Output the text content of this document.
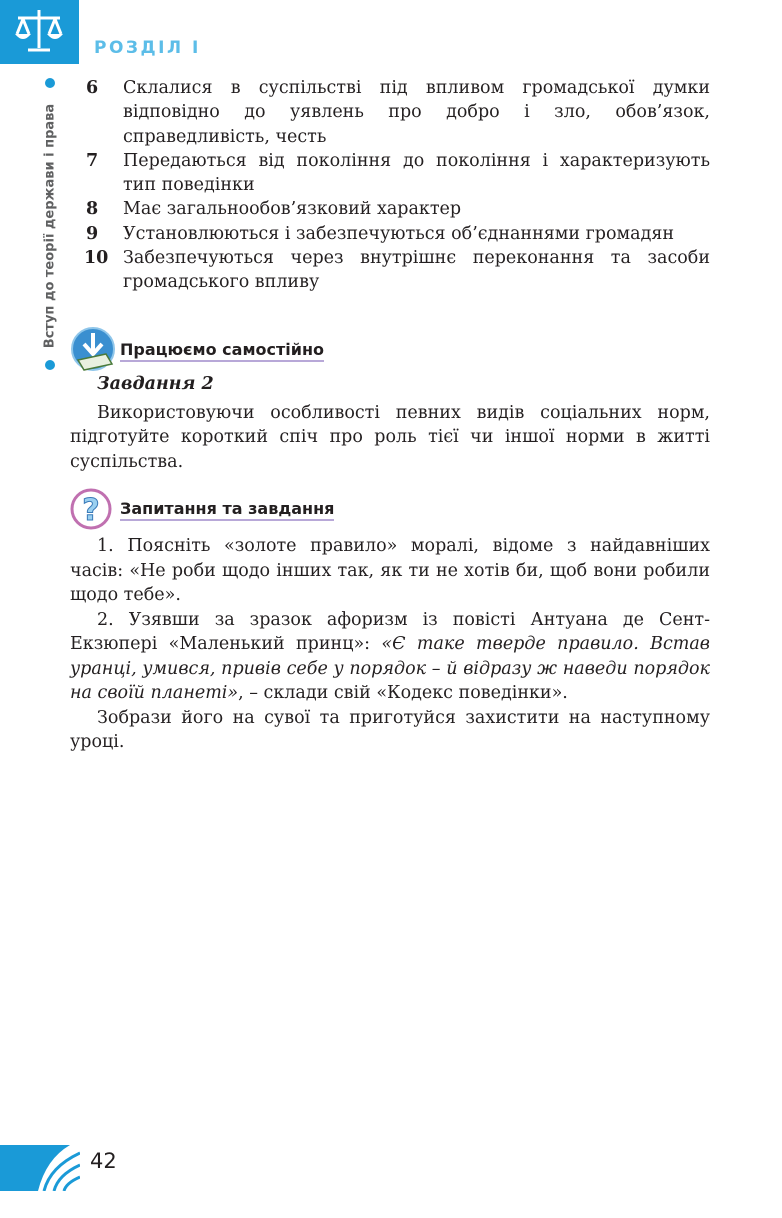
РОЗДІЛ І
Вступ до теорії держави і права
6	Склалися в суспільстві під впливом громадської думки відповідно до уявлень про добро і зло, обов’язок, справедливість, честь
7	Передаються від покоління до покоління і характеризують тип поведінки
8	Має загальнообов’язковий характер
9	Установлюються і забезпечуються об’єднаннями громадян
10 Забезпечуються через внутрішнє переконання та засоби громадського впливу
Працюємо самостійно
Завдання 2

Використовуючи особливості певних видів соціальних норм, підготуйте короткий спіч про роль тієї чи іншої норми в житті суспільства.

? Запитання та завдання

1. Поясніть «золоте правило» моралі, відоме з найдавніших часів: «Не роби щодо інших так, як ти не хотів би, щоб вони робили щодо тебе».

2. Узявши за зразок афоризм із повісті Антуана де Сент-Екзюпері «Маленький принц»: «Є таке тверде правило. Встав уранці, умився, привів себе у порядок – й відразу ж наведи порядок на своїй планеті», – склади свій «Кодекс поведінки».

Зобрази його на сувої та приготуйся захистити на наступному уроці.

42
